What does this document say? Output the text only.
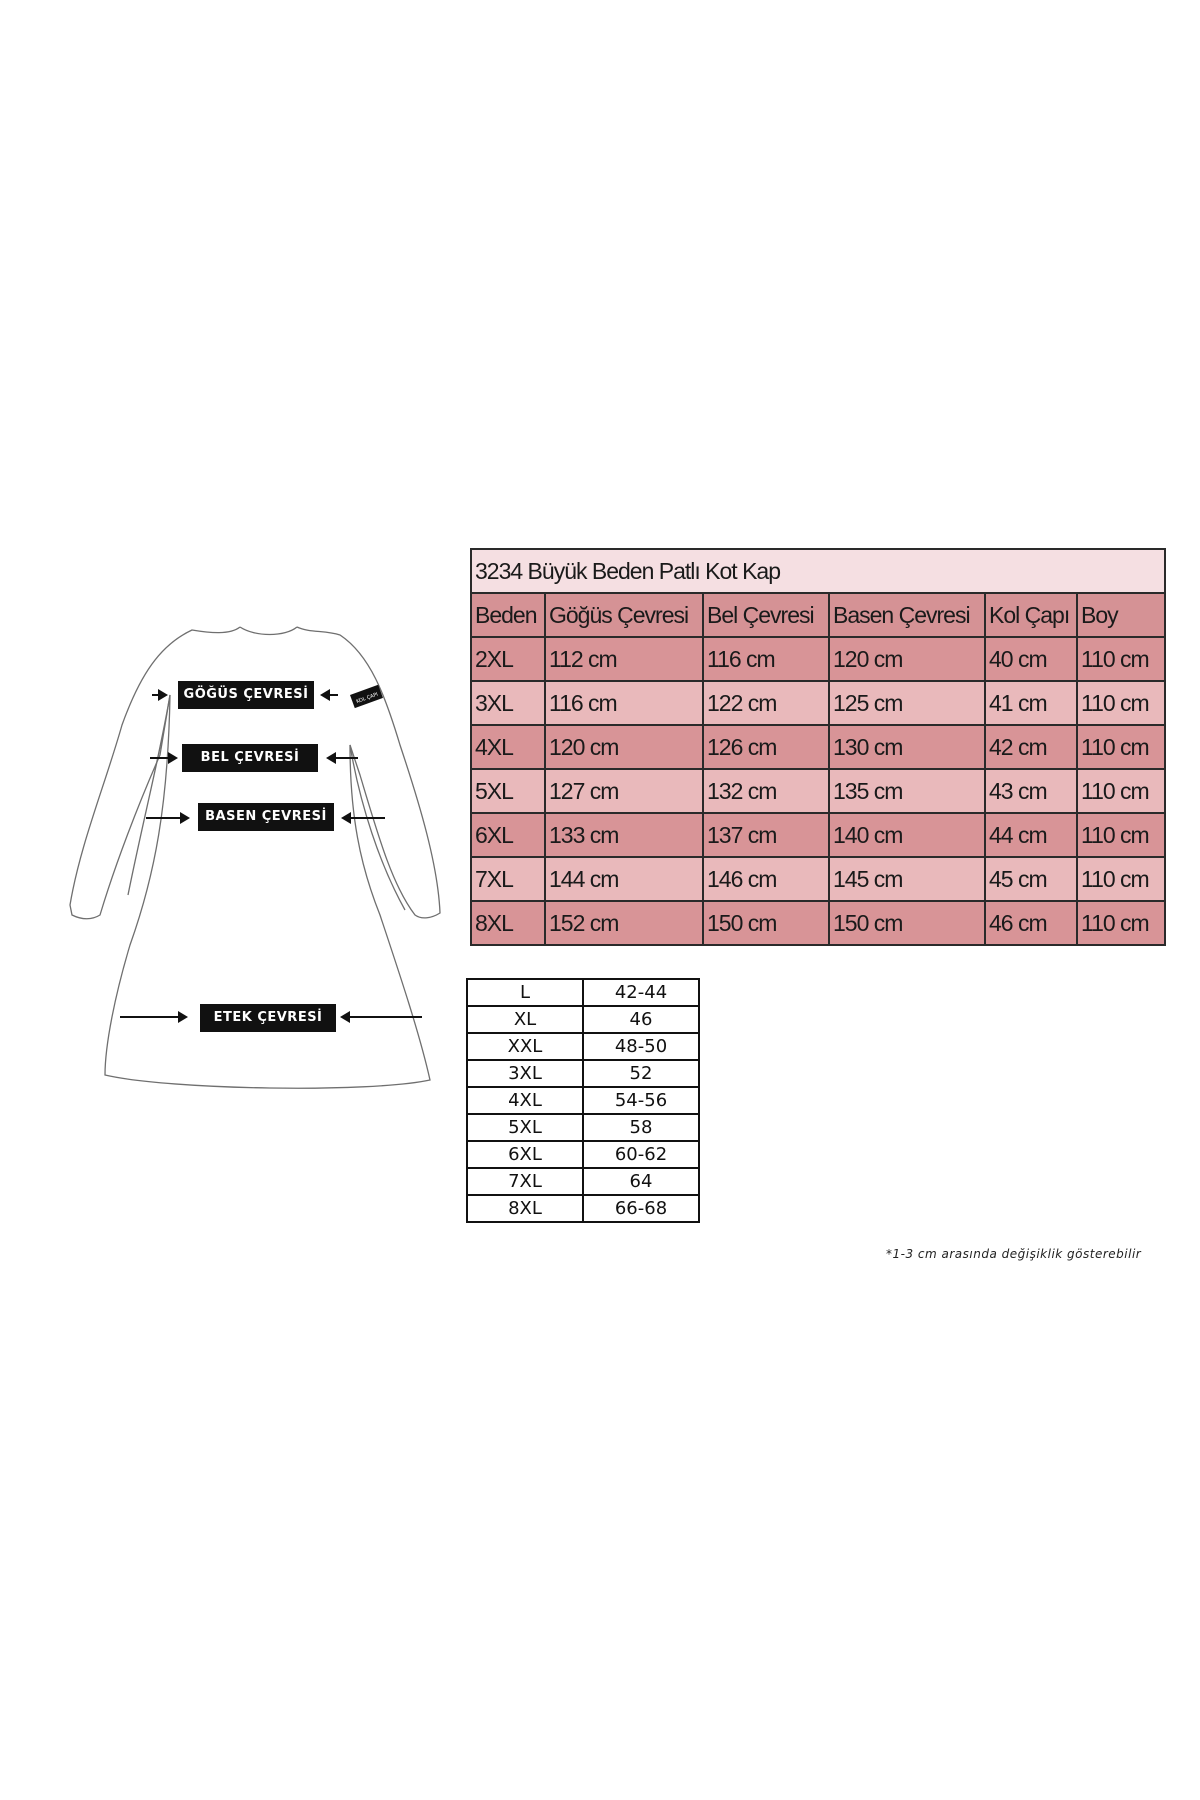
KOL ÇAPI
GÖĞÜS ÇEVRESİ
BEL ÇEVRESİ
BASEN ÇEVRESİ
ETEK ÇEVRESİ
3234 Büyük Beden Patlı Kot Kap					
Beden	Göğüs Çevresi	Bel Çevresi	Basen Çevresi	Kol Çapı	Boy
2XL	112 cm	116 cm	120 cm	40 cm	110 cm
3XL	116 cm	122 cm	125 cm	41 cm	110 cm
4XL	120 cm	126 cm	130 cm	42 cm	110 cm
5XL	127 cm	132 cm	135 cm	43 cm	110 cm
6XL	133 cm	137 cm	140 cm	44 cm	110 cm
7XL	144 cm	146 cm	145 cm	45 cm	110 cm
8XL	152 cm	150 cm	150 cm	46 cm	110 cm
L	42-44
XL	46
XXL	48-50
3XL	52
4XL	54-56
5XL	58
6XL	60-62
7XL	64
8XL	66-68
*1-3 cm arasında değişiklik gösterebilir
